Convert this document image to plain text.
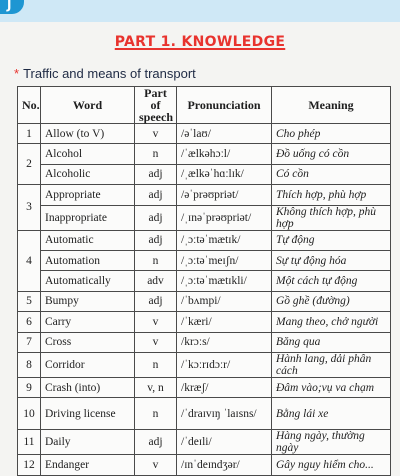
J
PART 1. KNOWLEDGE
* Traffic and means of transport
No.	Word	Part of speech	Pronunciation	Meaning
1	Allow (to V)	v	/əˈlaʊ/	Cho phép
2	Alcohol	n	/ˈælkəhɔːl/	Đồ uống có cồn
	Alcoholic	adj	/ˌælkəˈhɑːlɪk/	Có cồn
3	Appropriate	adj	/əˈprəʊpriət/	Thích hợp, phù hợp
	Inappropriate	adj	/ˌɪnəˈprəʊpriət/	Không thích hợp, phù hợp
4	Automatic	adj	/ˌɔːtəˈmætɪk/	Tự động
	Automation	n	/ˌɔːtəˈmeɪʃn/	Sự tự động hóa
	Automatically	adv	/ˌɔːtəˈmætɪkli/	Một cách tự động
5	Bumpy	adj	/ˈbʌmpi/	Gồ ghề (đường)
6	Carry	v	/ˈkæri/	Mang theo, chở người
7	Cross	v	/krɔːs/	Băng qua
8	Corridor	n	/ˈkɔːrɪdɔːr/	Hành lang, dải phân cách
9	Crash (into)	v, n	/kræʃ/	Đâm vào;vụ va chạm
10	Driving license	n	/ˈdraɪvɪŋ ˈlaɪsns/	Bằng lái xe
11	Daily	adj	/ˈdeɪli/	Hàng ngày, thường ngày
12	Endanger	v	/ɪnˈdeɪndʒər/	Gây nguy hiểm cho...
